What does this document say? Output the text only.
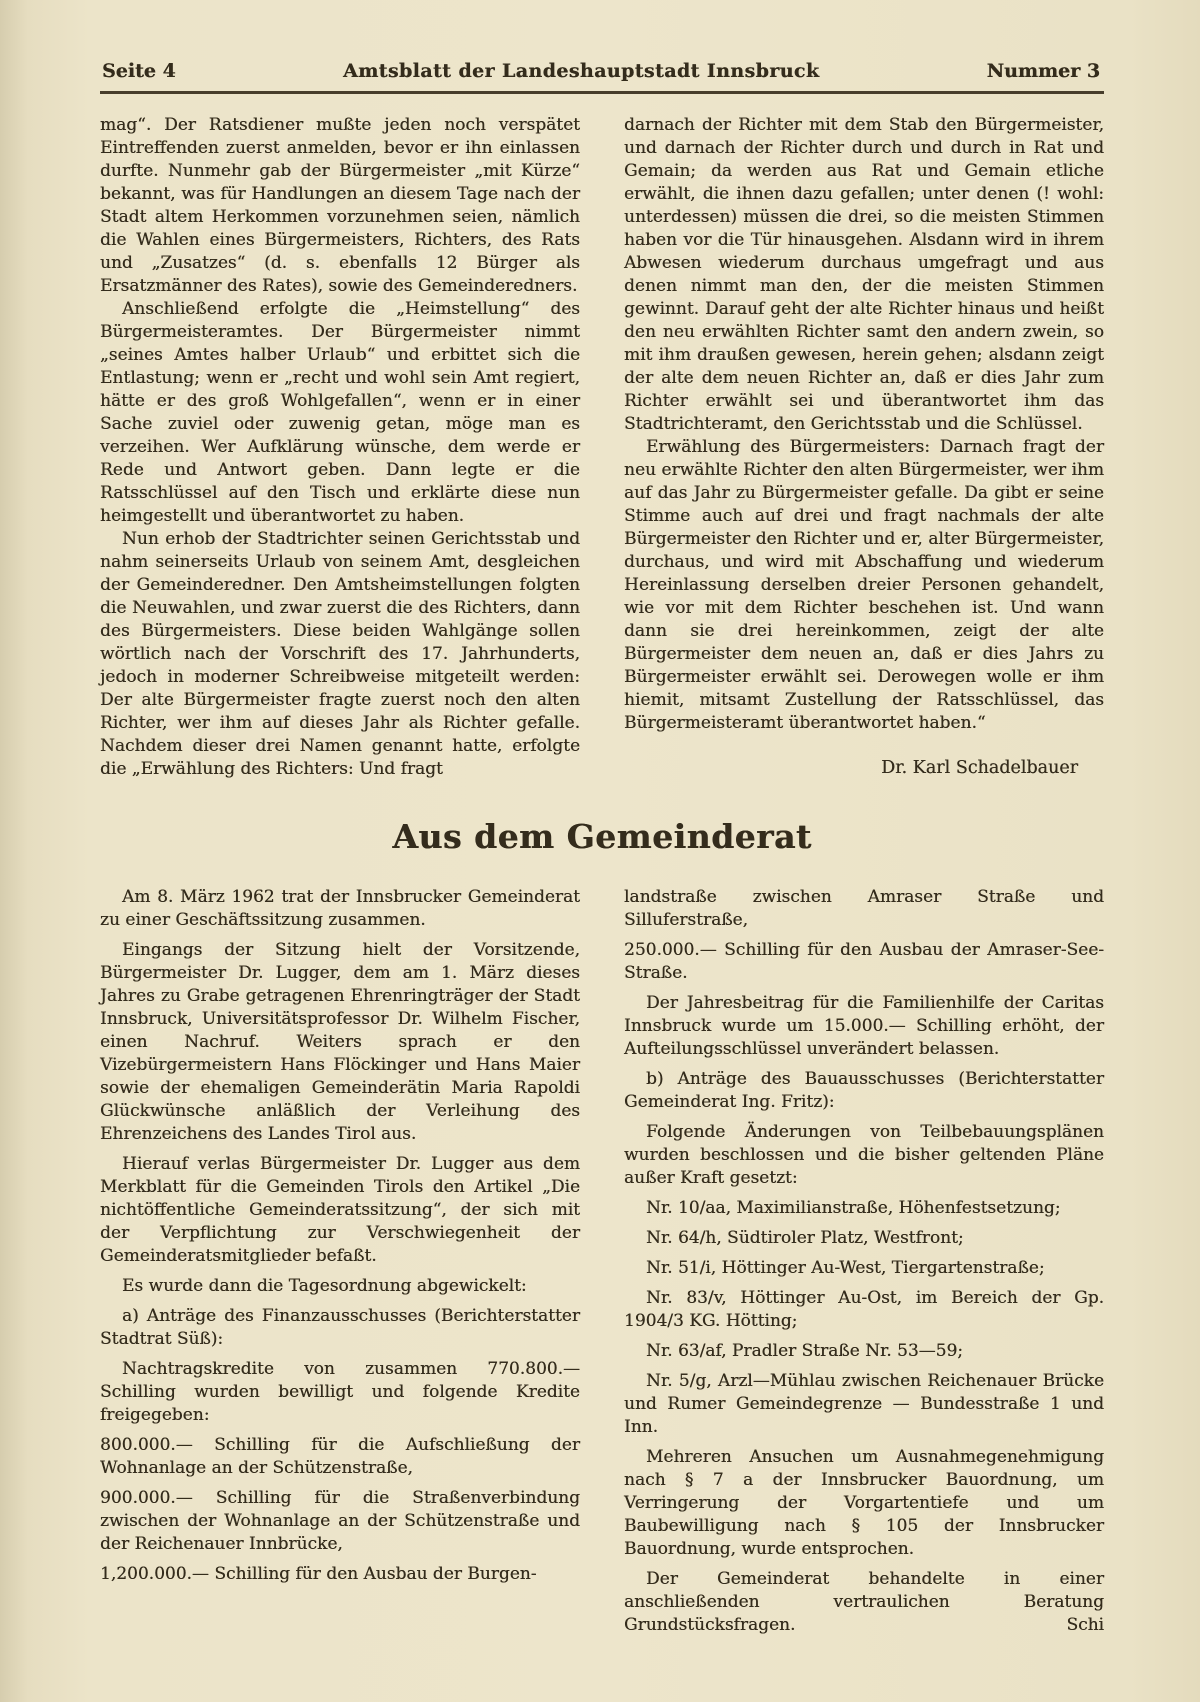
Seite 4	Amtsblatt der Landeshauptstadt Innsbruck	Nummer 3

mag“. Der Ratsdiener mußte jeden noch verspätet Eintreffenden zuerst anmelden, bevor er ihn einlassen durfte. Nunmehr gab der Bürgermeister „mit Kürze“ bekannt, was für Handlungen an diesem Tage nach der Stadt altem Herkommen vorzunehmen seien, nämlich die Wahlen eines Bürgermeisters, Richters, des Rats und „Zusatzes“ (d. s. ebenfalls 12 Bürger als Ersatzmänner des Rates), sowie des Gemeinderedners.

Anschließend erfolgte die „Heimstellung“ des Bürgermeisteramtes. Der Bürgermeister nimmt „seines Amtes halber Urlaub“ und erbittet sich die Entlastung; wenn er „recht und wohl sein Amt regiert, hätte er des groß Wohlgefallen“, wenn er in einer Sache zuviel oder zuwenig getan, möge man es verzeihen. Wer Aufklärung wünsche, dem werde er Rede und Antwort geben. Dann legte er die Ratsschlüssel auf den Tisch und erklärte diese nun heimgestellt und überantwortet zu haben.

Nun erhob der Stadtrichter seinen Gerichtsstab und nahm seinerseits Urlaub von seinem Amt, desgleichen der Gemeinderedner. Den Amtsheimstellungen folgten die Neuwahlen, und zwar zuerst die des Richters, dann des Bürgermeisters. Diese beiden Wahlgänge sollen wörtlich nach der Vorschrift des 17. Jahrhunderts, jedoch in moderner Schreibweise mitgeteilt werden: Der alte Bürgermeister fragte zuerst noch den alten Richter, wer ihm auf dieses Jahr als Richter gefalle. Nachdem dieser drei Namen genannt hatte, erfolgte die „Erwählung des Richters: Und fragt

darnach der Richter mit dem Stab den Bürgermeister, und darnach der Richter durch und durch in Rat und Gemain; da werden aus Rat und Gemain etliche erwählt, die ihnen dazu gefallen; unter denen (! wohl: unterdessen) müssen die drei, so die meisten Stimmen haben vor die Tür hinausgehen. Alsdann wird in ihrem Abwesen wiederum durchaus umgefragt und aus denen nimmt man den, der die meisten Stimmen gewinnt. Darauf geht der alte Richter hinaus und heißt den neu erwählten Richter samt den andern zwein, so mit ihm draußen gewesen, herein gehen; alsdann zeigt der alte dem neuen Richter an, daß er dies Jahr zum Richter erwählt sei und überantwortet ihm das Stadtrichteramt, den Gerichtsstab und die Schlüssel.

Erwählung des Bürgermeisters: Darnach fragt der neu erwählte Richter den alten Bürgermeister, wer ihm auf das Jahr zu Bürgermeister gefalle. Da gibt er seine Stimme auch auf drei und fragt nachmals der alte Bürgermeister den Richter und er, alter Bürgermeister, durchaus, und wird mit Abschaffung und wiederum Hereinlassung derselben dreier Personen gehandelt, wie vor mit dem Richter beschehen ist. Und wann dann sie drei hereinkommen, zeigt der alte Bürgermeister dem neuen an, daß er dies Jahrs zu Bürgermeister erwählt sei. Derowegen wolle er ihm hiemit, mitsamt Zustellung der Ratsschlüssel, das Bürgermeisteramt überantwortet haben.“

Dr. Karl Schadelbauer
Aus dem Gemeinderat

Am 8. März 1962 trat der Innsbrucker Gemeinderat zu einer Geschäftssitzung zusammen.

Eingangs der Sitzung hielt der Vorsitzende, Bürgermeister Dr. Lugger, dem am 1. März dieses Jahres zu Grabe getragenen Ehrenringträger der Stadt Innsbruck, Universitätsprofessor Dr. Wilhelm Fischer, einen Nachruf. Weiters sprach er den Vizebürgermeistern Hans Flöckinger und Hans Maier sowie der ehemaligen Gemeinderätin Maria Rapoldi Glückwünsche anläßlich der Verleihung des Ehrenzeichens des Landes Tirol aus.

Hierauf verlas Bürgermeister Dr. Lugger aus dem Merkblatt für die Gemeinden Tirols den Artikel „Die nichtöffentliche Gemeinderatssitzung“, der sich mit der Verpflichtung zur Verschwiegenheit der Gemeinderatsmitglieder befaßt.

Es wurde dann die Tagesordnung abgewickelt:

a) Anträge des Finanzausschusses (Berichterstatter Stadtrat Süß):

Nachtragskredite von zusammen 770.800.— Schilling wurden bewilligt und folgende Kredite freigegeben:

800.000.— Schilling für die Aufschließung der Wohnanlage an der Schützenstraße,

900.000.— Schilling für die Straßenverbindung zwischen der Wohnanlage an der Schützenstraße und der Reichenauer Innbrücke,

1,200.000.— Schilling für den Ausbau der Burgen-

landstraße zwischen Amraser Straße und Silluferstraße,

250.000.— Schilling für den Ausbau der Amraser-See-Straße.

Der Jahresbeitrag für die Familienhilfe der Caritas Innsbruck wurde um 15.000.— Schilling erhöht, der Aufteilungsschlüssel unverändert belassen.

b) Anträge des Bauausschusses (Berichterstatter Gemeinderat Ing. Fritz):

Folgende Änderungen von Teilbebauungsplänen wurden beschlossen und die bisher geltenden Pläne außer Kraft gesetzt:

Nr. 10/aa, Maximilianstraße, Höhenfestsetzung;

Nr. 64/h, Südtiroler Platz, Westfront;

Nr. 51/i, Höttinger Au-West, Tiergartenstraße;

Nr. 83/v, Höttinger Au-Ost, im Bereich der Gp. 1904/3 KG. Hötting;

Nr. 63/af, Pradler Straße Nr. 53—59;

Nr. 5/g, Arzl—Mühlau zwischen Reichenauer Brücke und Rumer Gemeindegrenze — Bundesstraße 1 und Inn.

Mehreren Ansuchen um Ausnahmegenehmigung nach § 7 a der Innsbrucker Bauordnung, um Verringerung der Vorgartentiefe und um Baubewilligung nach § 105 der Innsbrucker Bauordnung, wurde entsprochen.

Der Gemeinderat behandelte in einer anschließenden vertraulichen Beratung Grundstücksfragen.	Schi
